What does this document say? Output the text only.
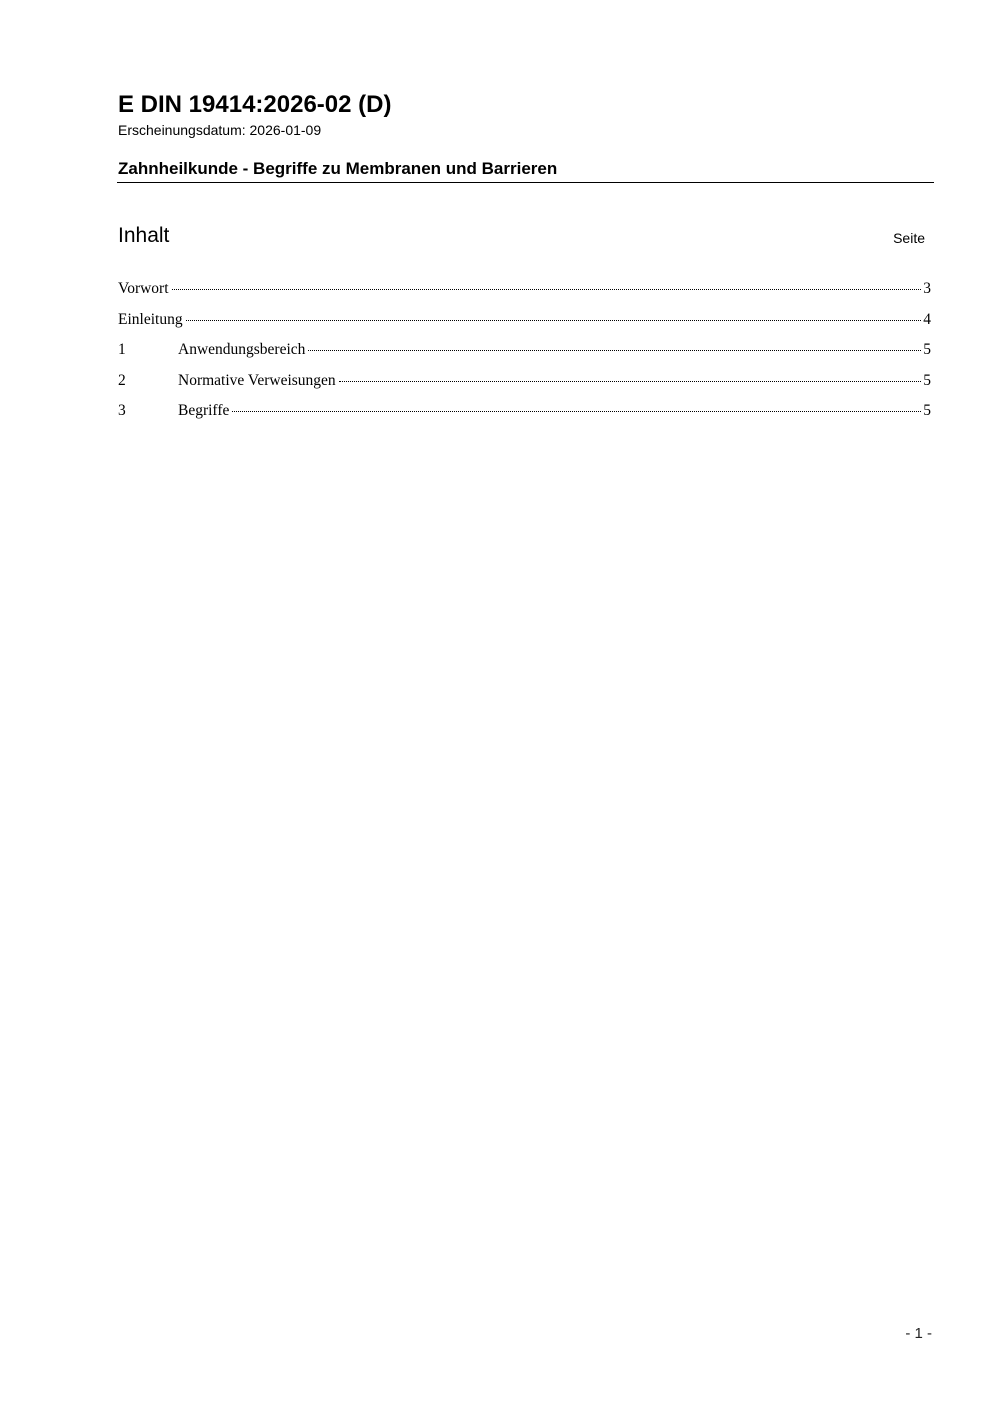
E DIN 19414:2026-02 (D)
Erscheinungsdatum: 2026-01-09
Zahnheilkunde - Begriffe zu Membranen und Barrieren
Inhalt	Seite
Vorwort	3
Einleitung	4
1	Anwendungsbereich	5
2	Normative Verweisungen	5
3	Begriffe	5
- 1 -
